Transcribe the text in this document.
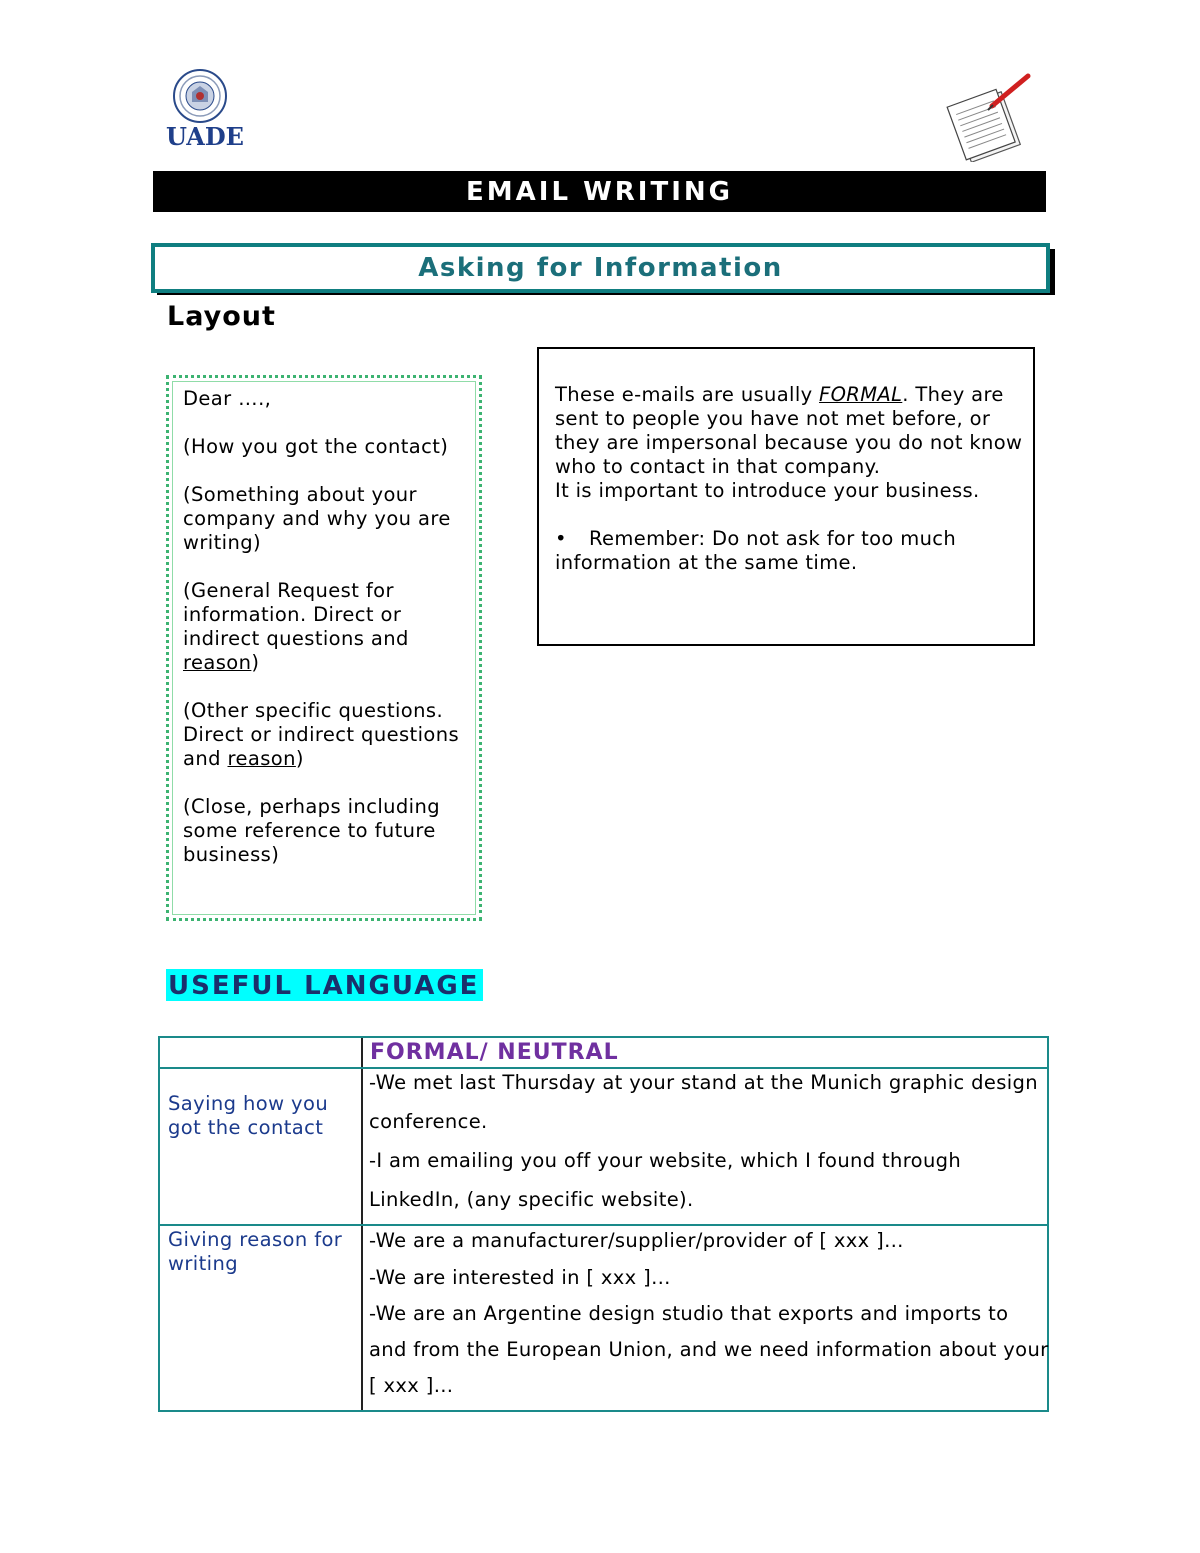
UADE
EMAIL WRITING
Asking for Information
Layout

Dear ….,

(How you got the contact)

(Something about your company and why you are writing)

(General Request for information. Direct or indirect questions and reason)

(Other specific questions. Direct or indirect questions and reason)

(Close, perhaps including some reference to future business)

These e-mails are usually FORMAL. They are sent to people you have not met before, or they are impersonal because you do not know who to contact in that company.

It is important to introduce your business.

• Remember: Do not ask for too much information at the same time.

USEFUL LANGUAGE
FORMAL/ NEUTRAL
Saying how you got the contact

-We met last Thursday at your stand at the Munich graphic design conference.

-I am emailing you off your website, which I found through LinkedIn, (any specific website).

Giving reason for writing

-We are a manufacturer/supplier/provider of [ xxx ]…

-We are interested in [ xxx ]…

-We are an Argentine design studio that exports and imports to and from the European Union, and we need information about your [ xxx ]…
